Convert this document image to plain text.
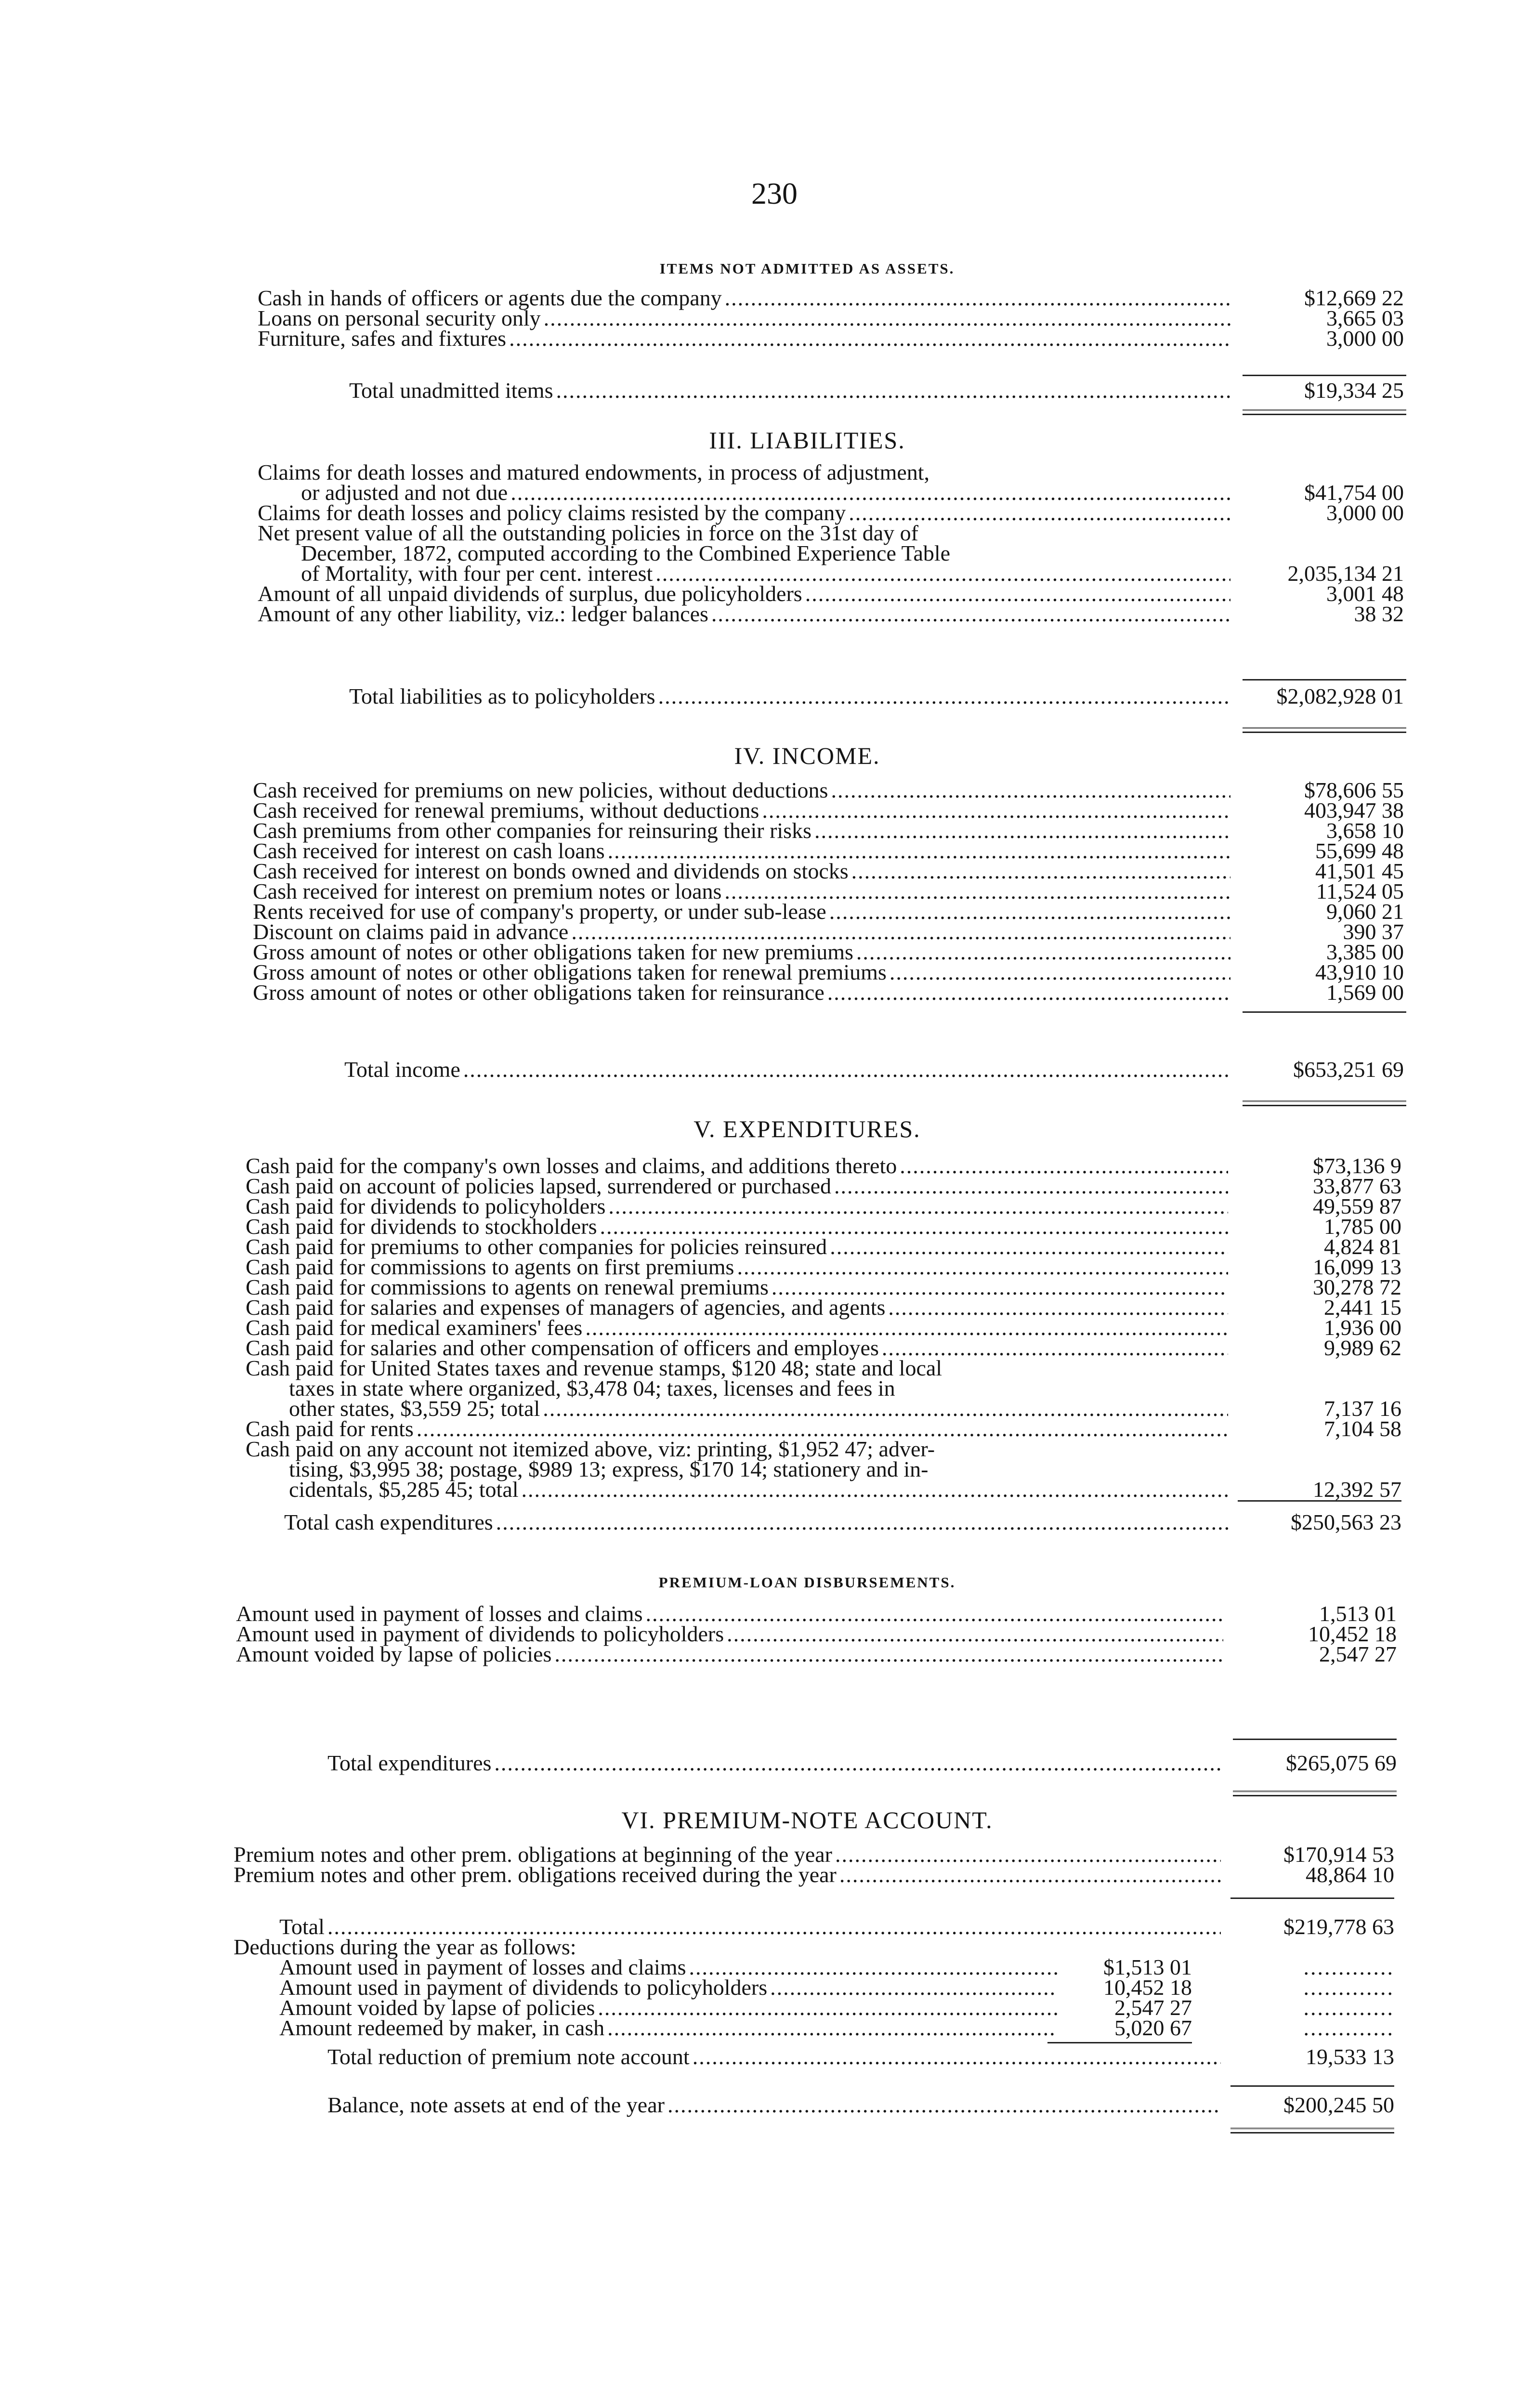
230
ITEMS NOT ADMITTED AS ASSETS.
Cash in hands of officers or agents due the company .....	$12,669 22
Loans on personal security only .....	3,665 03
Furniture, safes and fixtures .....	3,000 00
Total unadmitted items .....	$19,334 25
III. LIABILITIES.
Claims for death losses and matured endowments, in process of adjustment,
or adjusted and not due .....	$41,754 00
Claims for death losses and policy claims resisted by the company .....	3,000 00
Net present value of all the outstanding policies in force on the 31st day of
December, 1872, computed according to the Combined Experience Table
of Mortality, with four per cent. interest .....	2,035,134 21
Amount of all unpaid dividends of surplus, due policyholders .....	3,001 48
Amount of any other liability, viz.: ledger balances .....	38 32
Total liabilities as to policyholders .....	$2,082,928 01
IV. INCOME.
Cash received for premiums on new policies, without deductions .....	$78,606 55
Cash received for renewal premiums, without deductions .....	403,947 38
Cash premiums from other companies for reinsuring their risks .....	3,658 10
Cash received for interest on cash loans .....	55,699 48
Cash received for interest on bonds owned and dividends on stocks .....	41,501 45
Cash received for interest on premium notes or loans .....	11,524 05
Rents received for use of company's property, or under sub-lease .....	9,060 21
Discount on claims paid in advance .....	390 37
Gross amount of notes or other obligations taken for new premiums .....	3,385 00
Gross amount of notes or other obligations taken for renewal premiums .....	43,910 10
Gross amount of notes or other obligations taken for reinsurance .....	1,569 00
Total income .....	$653,251 69
V. EXPENDITURES.
Cash paid for the company's own losses and claims, and additions thereto .....	$73,136 9
Cash paid on account of policies lapsed, surrendered or purchased .....	33,877 63
Cash paid for dividends to policyholders .....	49,559 87
Cash paid for dividends to stockholders .....	1,785 00
Cash paid for premiums to other companies for policies reinsured .....	4,824 81
Cash paid for commissions to agents on first premiums .....	16,099 13
Cash paid for commissions to agents on renewal premiums .....	30,278 72
Cash paid for salaries and expenses of managers of agencies, and agents .....	2,441 15
Cash paid for medical examiners' fees .....	1,936 00
Cash paid for salaries and other compensation of officers and employes .....	9,989 62
Cash paid for United States taxes and revenue stamps, $120 48; state and local
taxes in state where organized, $3,478 04; taxes, licenses and fees in
other states, $3,559 25; total .....	7,137 16
Cash paid for rents .....	7,104 58
Cash paid on any account not itemized above, viz: printing, $1,952 47; adver-
tising, $3,995 38; postage, $989 13; express, $170 14; stationery and in-
cidentals, $5,285 45; total .....	12,392 57
Total cash expenditures .....	$250,563 23
PREMIUM-LOAN DISBURSEMENTS.
Amount used in payment of losses and claims .....	1,513 01
Amount used in payment of dividends to policyholders .....	10,452 18
Amount voided by lapse of policies .....	2,547 27
Total expenditures .....	$265,075 69
VI. PREMIUM-NOTE ACCOUNT.
Premium notes and other prem. obligations at beginning of the year .....	$170,914 53
Premium notes and other prem. obligations received during the year .....	48,864 10
Total .....	$219,778 63
Deductions during the year as follows:
Amount used in payment of losses and claims .....	$1,513 01	.............
Amount used in payment of dividends to policyholders .....	10,452 18	.............
Amount voided by lapse of policies .....	2,547 27	.............
Amount redeemed by maker, in cash .....	5,020 67	.............
Total reduction of premium note account .....	19,533 13
Balance, note assets at end of the year .....	$200,245 50
